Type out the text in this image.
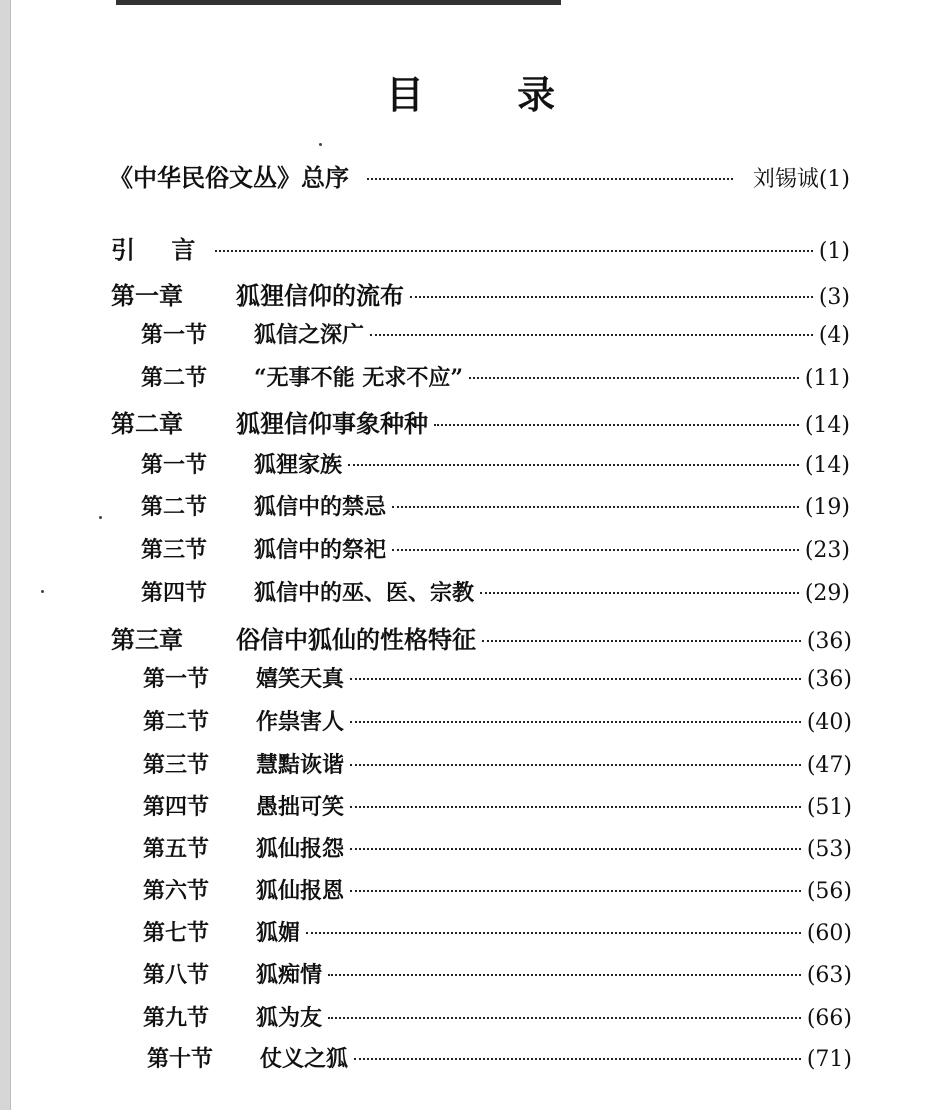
目 录
《中华民俗文丛》总序	刘锡诚 (1)
引 言	(1)
第一章	狐狸信仰的流布	(3)
第一节	狐信之深广	(4)
第二节	“无事不能 无求不应”	(11)
第二章	狐狸信仰事象种种	(14)
第一节	狐狸家族	(14)
第二节	狐信中的禁忌	(19)
第三节	狐信中的祭祀	(23)
第四节	狐信中的巫、医、宗教	(29)
第三章	俗信中狐仙的性格特征	(36)
第一节	嬉笑天真	(36)
第二节	作祟害人	(40)
第三节	慧黠诙谐	(47)
第四节	愚拙可笑	(51)
第五节	狐仙报怨	(53)
第六节	狐仙报恩	(56)
第七节	狐媚	(60)
第八节	狐痴情	(63)
第九节	狐为友	(66)
第十节	仗义之狐	(71)
